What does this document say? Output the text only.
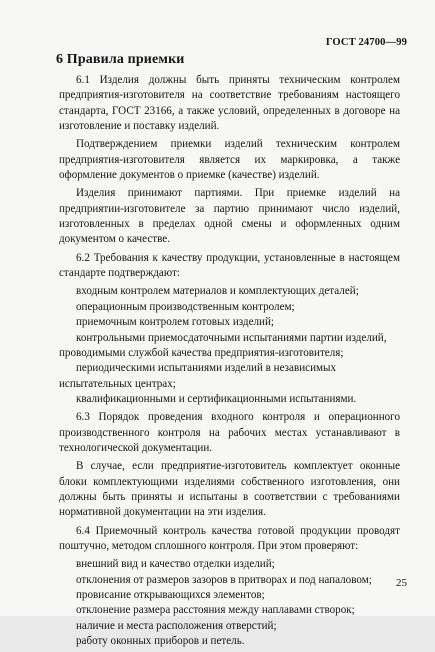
ГОСТ 24700—99
6 Правила приемки

6.1 Изделия должны быть приняты техническим контролем предприятия-изготовителя на соответствие требованиям настоящего стандарта, ГОСТ 23166, а также условий, определенных в договоре на изготовление и поставку изделий.

Подтверждением приемки изделий техническим контролем предприятия-изготовителя является их маркировка, а также оформление документов о приемке (качестве) изделий.

Изделия принимают партиями. При приемке изделий на предприятии-изготовителе за партию принимают число изделий, изготовленных в пределах одной смены и оформленных одним документом о качестве.

6.2 Требования к качеству продукции, установленные в настоящем стандарте подтверждают:

входным контролем материалов и комплектующих деталей;
операционным производственным контролем;
приемочным контролем готовых изделий;
контрольными приемосдаточными испытаниями партии изделий, проводимыми службой качества предприятия-изготовителя;
периодическими испытаниями изделий в независимых испытательных центрах;
квалификационными и сертификационными испытаниями.

6.3 Порядок проведения входного контроля и операционного производственного контроля на рабочих местах устанавливают в технологической документации.

В случае, если предприятие-изготовитель комплектует оконные блоки комплектующими изделиями собственного изготовления, они должны быть приняты и испытаны в соответствии с требованиями нормативной документации на эти изделия.

6.4 Приемочный контроль качества готовой продукции проводят поштучно, методом сплошного контроля. При этом проверяют:

внешний вид и качество отделки изделий;
отклонения от размеров зазоров в притворах и под напаловом;
провисание открывающихся элементов;
отклонение размера расстояния между наплавами створок;
наличие и места расположения отверстий;
работу оконных приборов и петель.
25
